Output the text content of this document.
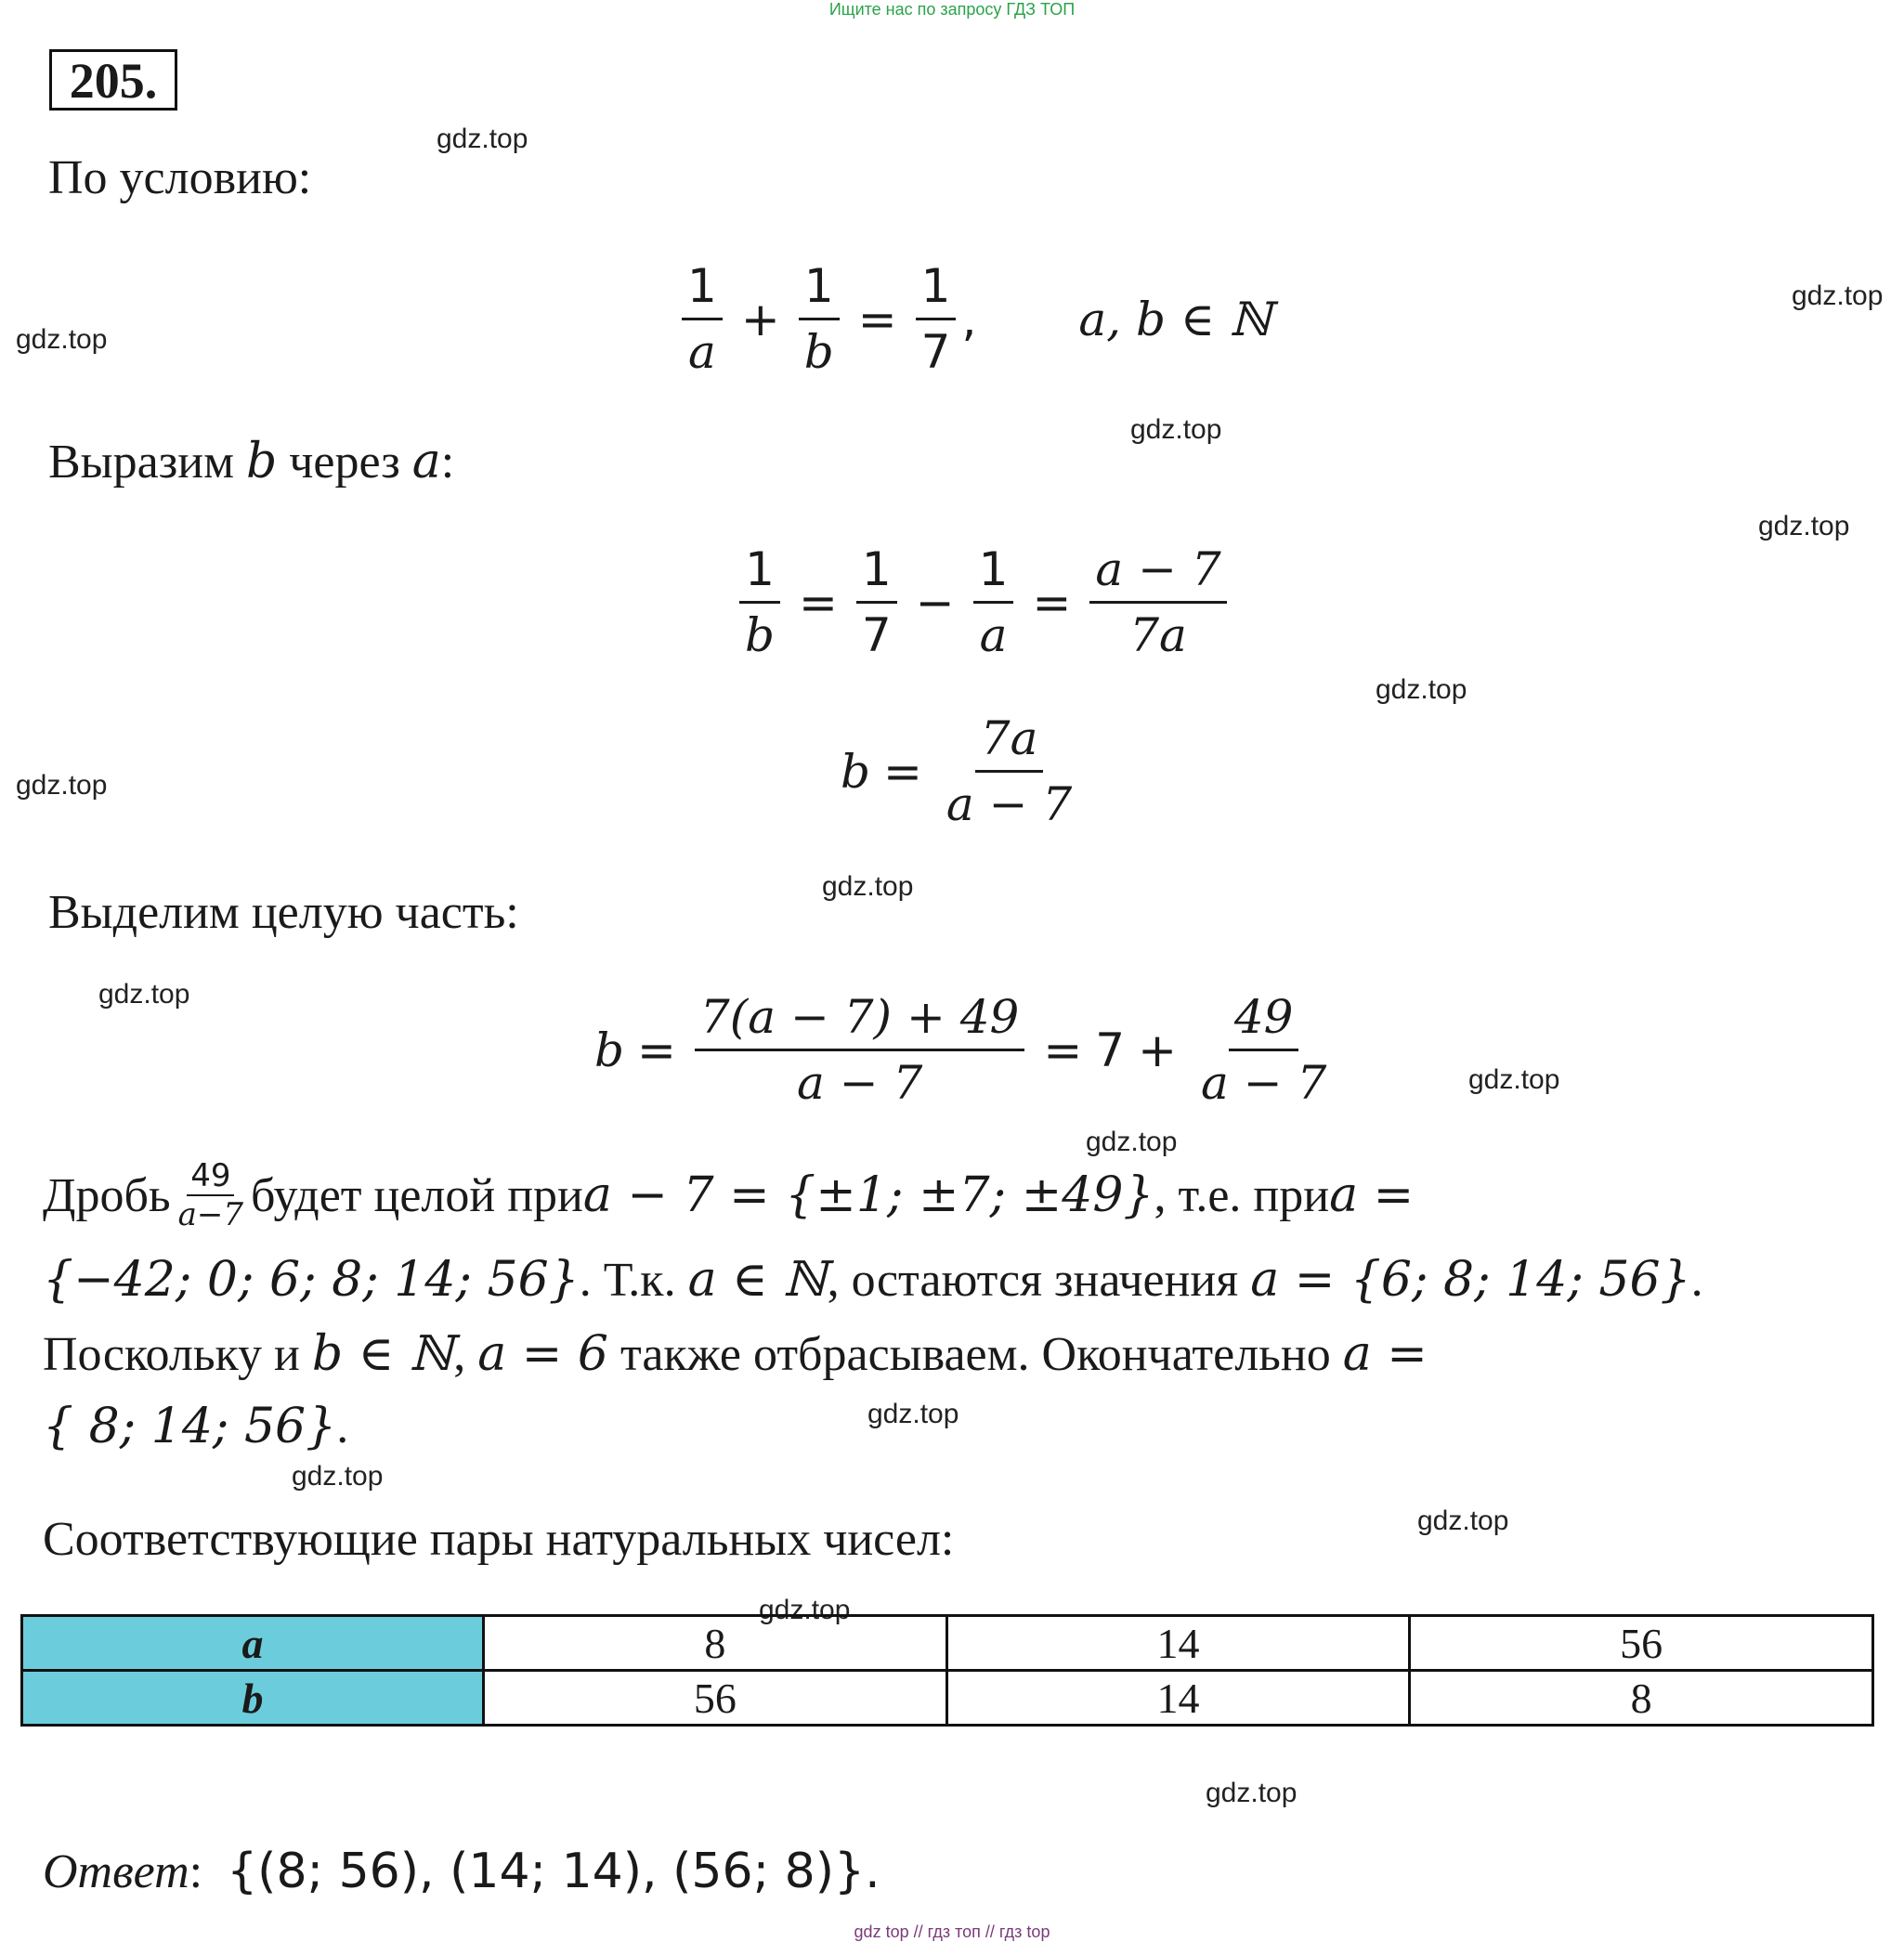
Ищите нас по запросу ГДЗ ТОП
205.
gdz.top
gdz.top
gdz.top
gdz.top
gdz.top
gdz.top
gdz.top
gdz.top
gdz.top
gdz.top
gdz.top
gdz.top
gdz.top
gdz.top
gdz.top
gdz.top
По условию:
$\frac{1}{a} + \frac{1}{b} = \frac{1}{7}$ , a, b ∈ ℕ
Выразим b через a:
$\frac{1}{b} = \frac{1}{7} - \frac{1}{a} = \frac{a - 7}{7a}$
$b = \frac{7a}{a - 7}$
Выделим целую часть:
$b = \frac{7(a - 7) + 49}{a - 7} = 7 + \frac{49}{a - 7}$
Дробь 49
a−7 будет целой при a − 7 = {±1; ±7; ±49} , т.е. при a =
{−42; 0; 6; 8; 14; 56}. Т.к. a ∈ ℕ, остаются значения a = {6; 8; 14; 56}.
Поскольку и b ∈ ℕ, a = 6 также отбрасываем. Окончательно a =
{ 8; 14; 56}.
Соответствующие пары натуральных чисел:
a	8	14	56
b	56	14	8
Ответ: {(8; 56), (14; 14), (56; 8)}.
gdz top // гдз топ // гдз top
